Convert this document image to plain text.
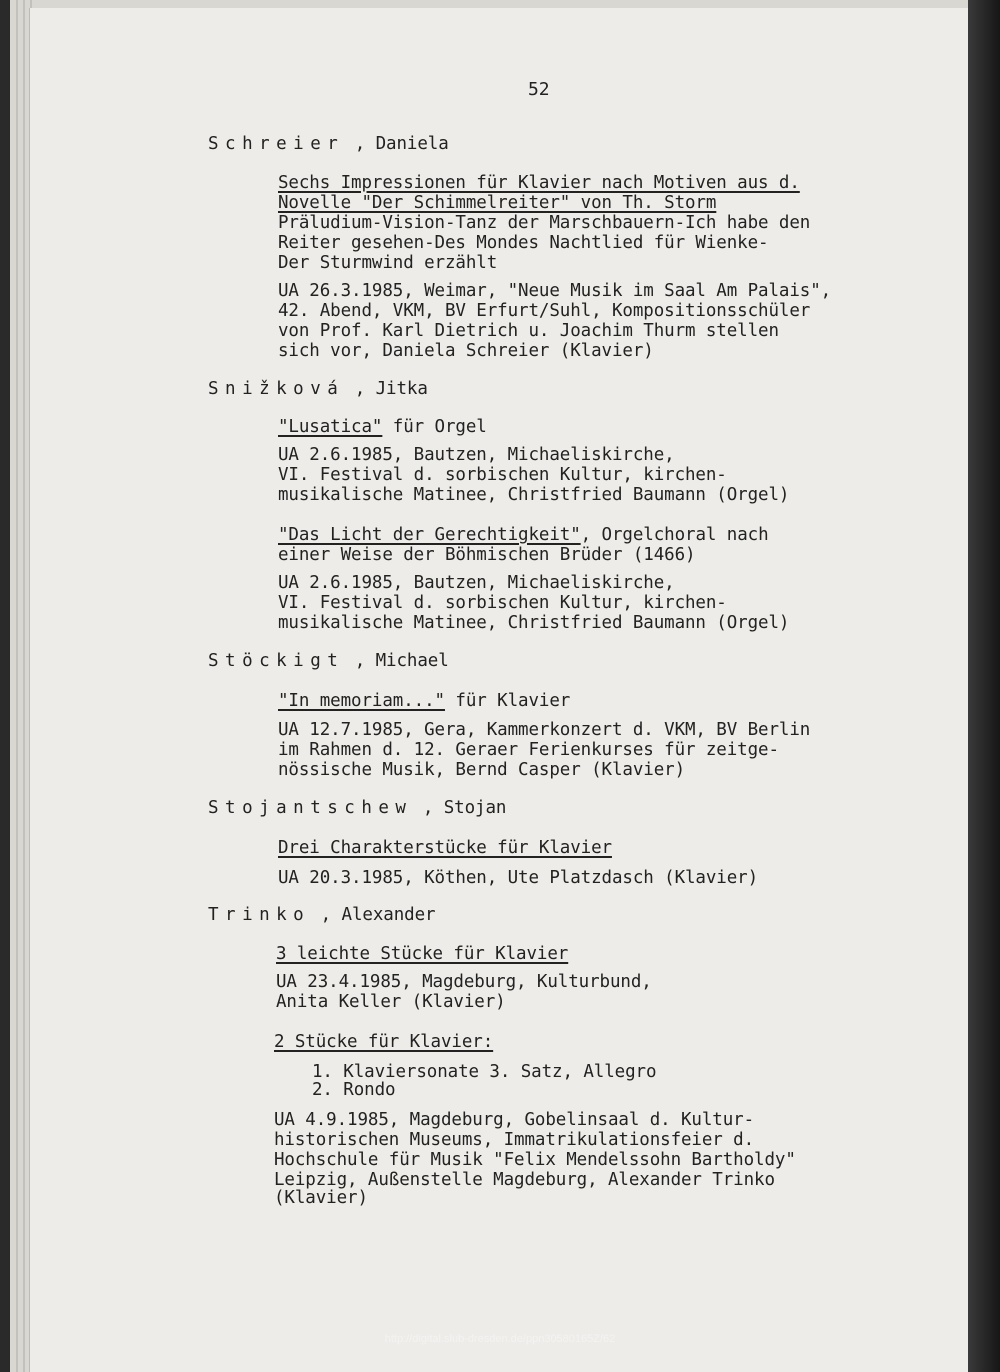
52

Schreier , Daniela

Sechs Impressionen für Klavier nach Motiven aus d.

Novelle "Der Schimmelreiter" von Th. Storm

Präludium-Vision-Tanz der Marschbauern-Ich habe den

Reiter gesehen-Des Mondes Nachtlied für Wienke-

Der Sturmwind erzählt

UA 26.3.1985, Weimar, "Neue Musik im Saal Am Palais",

42. Abend, VKM, BV Erfurt/Suhl, Kompositionsschüler

von Prof. Karl Dietrich u. Joachim Thurm stellen

sich vor, Daniela Schreier (Klavier)

Snižková , Jitka

"Lusatica" für Orgel

UA 2.6.1985, Bautzen, Michaeliskirche,

VI. Festival d. sorbischen Kultur, kirchen-

musikalische Matinee, Christfried Baumann (Orgel)

"Das Licht der Gerechtigkeit", Orgelchoral nach

einer Weise der Böhmischen Brüder (1466)

UA 2.6.1985, Bautzen, Michaeliskirche,

VI. Festival d. sorbischen Kultur, kirchen-

musikalische Matinee, Christfried Baumann (Orgel)

Stöckigt , Michael

"In memoriam..." für Klavier

UA 12.7.1985, Gera, Kammerkonzert d. VKM, BV Berlin

im Rahmen d. 12. Geraer Ferienkurses für zeitge-

nössische Musik, Bernd Casper (Klavier)

Stojantschew , Stojan

Drei Charakterstücke für Klavier

UA 20.3.1985, Köthen, Ute Platzdasch (Klavier)

Trinko , Alexander

3 leichte Stücke für Klavier

UA 23.4.1985, Magdeburg, Kulturbund,

Anita Keller (Klavier)

2 Stücke für Klavier:

1. Klaviersonate 3. Satz, Allegro

2. Rondo

UA 4.9.1985, Magdeburg, Gobelinsaal d. Kultur-

historischen Museums, Immatrikulationsfeier d.

Hochschule für Musik "Felix Mendelssohn Bartholdy"

Leipzig, Außenstelle Magdeburg, Alexander Trinko

(Klavier)

http://digital.slub-dresden.de/ppn30580165Z/62
